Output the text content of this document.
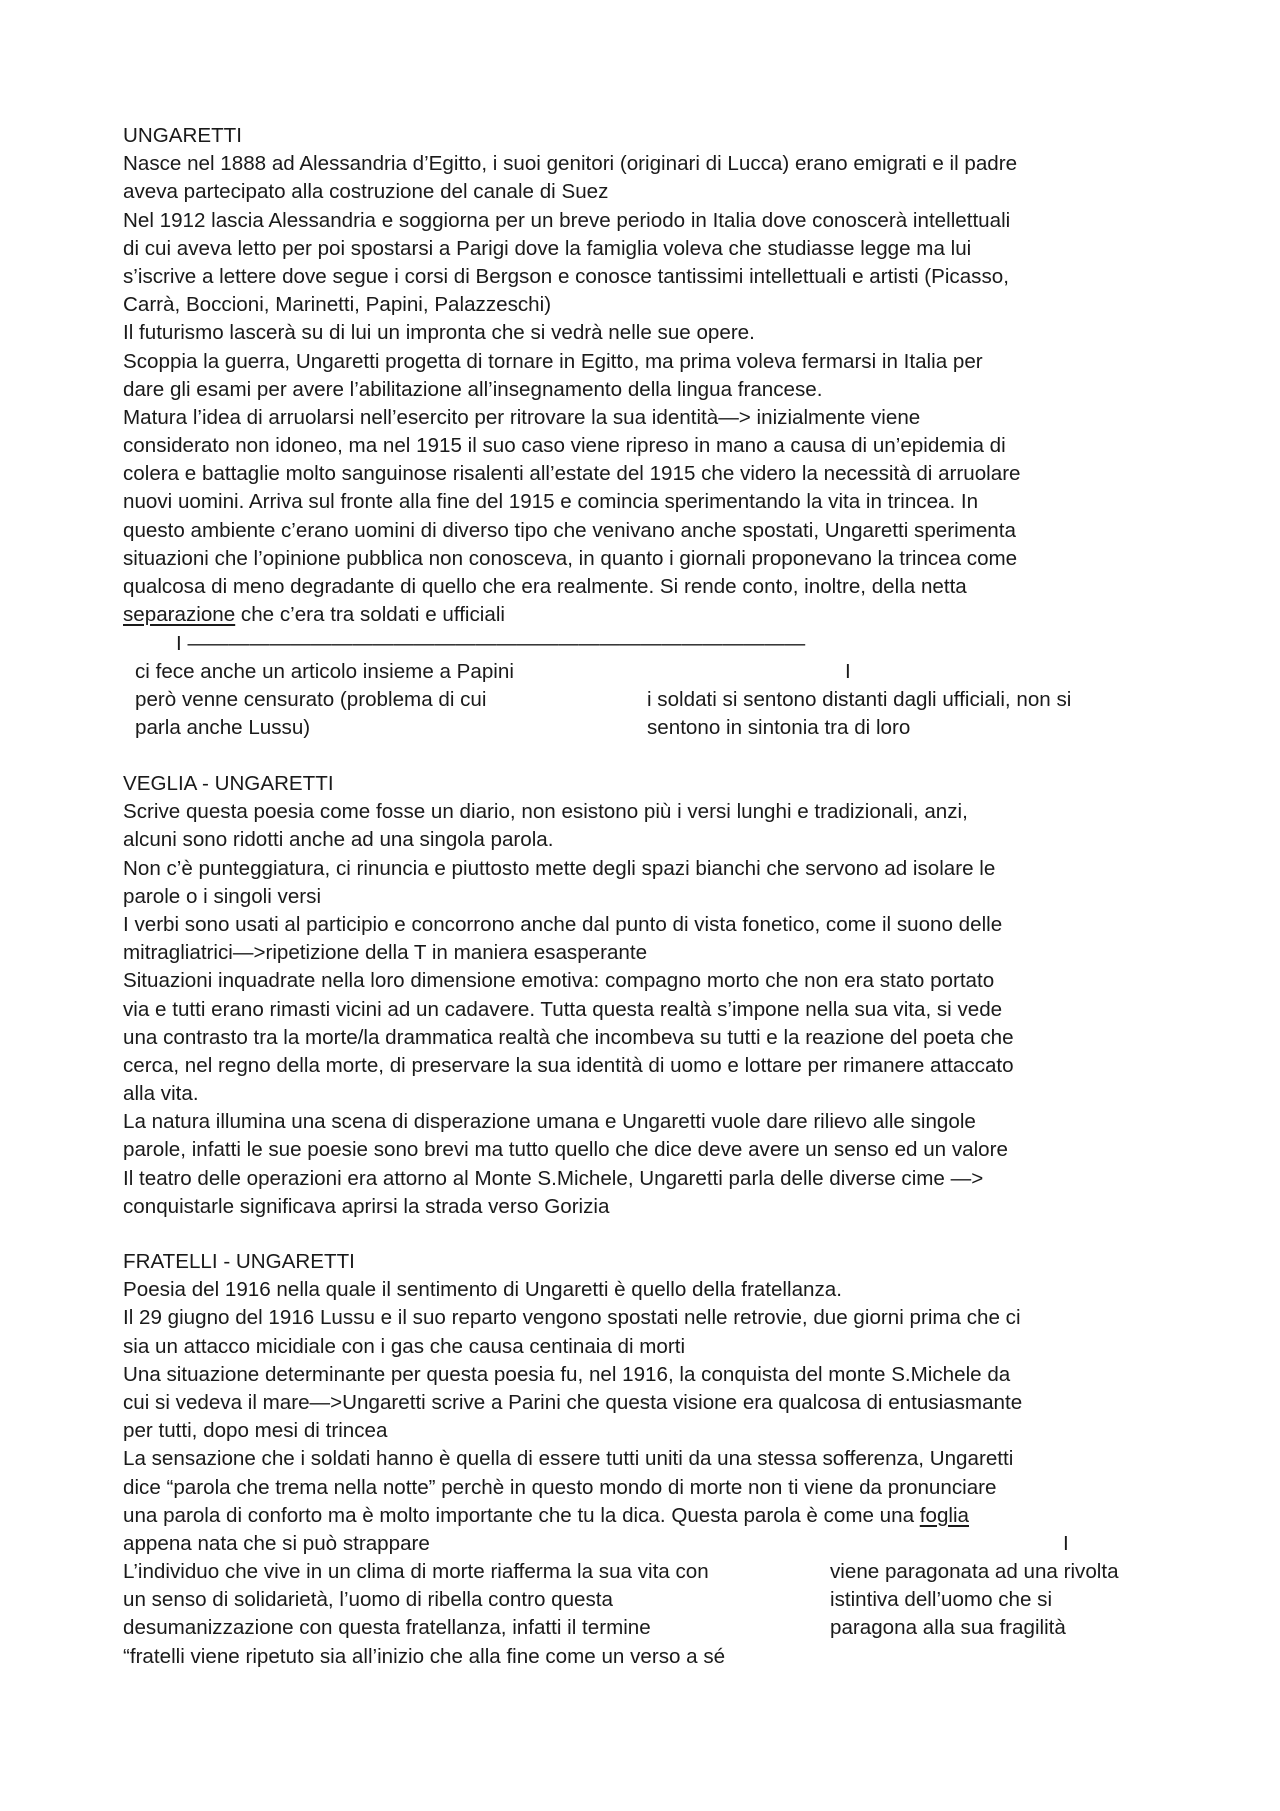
UNGARETTI
Nasce nel 1888 ad Alessandria d’Egitto, i suoi genitori (originari di Lucca) erano emigrati e il padre
aveva partecipato alla costruzione del canale di Suez
Nel 1912 lascia Alessandria e soggiorna per un breve periodo in Italia dove conoscerà intellettuali
di cui aveva letto per poi spostarsi a Parigi dove la famiglia voleva che studiasse legge ma lui
s’iscrive a lettere dove segue i corsi di Bergson e conosce tantissimi intellettuali e artisti (Picasso,
Carrà, Boccioni, Marinetti, Papini, Palazzeschi)
Il futurismo lascerà su di lui un impronta che si vedrà nelle sue opere.
Scoppia la guerra, Ungaretti progetta di tornare in Egitto, ma prima voleva fermarsi in Italia per
dare gli esami per avere l’abilitazione all’insegnamento della lingua francese.
Matura l’idea di arruolarsi nell’esercito per ritrovare la sua identità—> inizialmente viene
considerato non idoneo, ma nel 1915 il suo caso viene ripreso in mano a causa di un’epidemia di
colera e battaglie molto sanguinose risalenti all’estate del 1915 che videro la necessità di arruolare
nuovi uomini. Arriva sul fronte alla fine del 1915 e comincia sperimentando la vita in trincea. In
questo ambiente c’erano uomini di diverso tipo che venivano anche spostati, Ungaretti sperimenta
situazioni che l’opinione pubblica non conosceva, in quanto i giornali proponevano la trincea come
qualcosa di meno degradante di quello che era realmente. Si rende conto, inoltre, della netta
separazione che c’era tra soldati e ufficiali
I ——————————————————————————————
ci fece anche un articolo insieme a Papini
però venne censurato (problema di cui
parla anche Lussu)
I
i soldati si sentono distanti dagli ufficiali, non si
sentono in sintonia tra di loro
VEGLIA - UNGARETTI
Scrive questa poesia come fosse un diario, non esistono più i versi lunghi e tradizionali, anzi,
alcuni sono ridotti anche ad una singola parola.
Non c’è punteggiatura, ci rinuncia e piuttosto mette degli spazi bianchi che servono ad isolare le
parole o i singoli versi
I verbi sono usati al participio e concorrono anche dal punto di vista fonetico, come il suono delle
mitragliatrici—>ripetizione della T in maniera esasperante
Situazioni inquadrate nella loro dimensione emotiva: compagno morto che non era stato portato
via e tutti erano rimasti vicini ad un cadavere. Tutta questa realtà s’impone nella sua vita, si vede
una contrasto tra la morte/la drammatica realtà che incombeva su tutti e la reazione del poeta che
cerca, nel regno della morte, di preservare la sua identità di uomo e lottare per rimanere attaccato
alla vita.
La natura illumina una scena di disperazione umana e Ungaretti vuole dare rilievo alle singole
parole, infatti le sue poesie sono brevi ma tutto quello che dice deve avere un senso ed un valore
Il teatro delle operazioni era attorno al Monte S.Michele, Ungaretti parla delle diverse cime —>
conquistarle significava aprirsi la strada verso Gorizia
FRATELLI - UNGARETTI
Poesia del 1916 nella quale il sentimento di Ungaretti è quello della fratellanza.
Il 29 giugno del 1916 Lussu e il suo reparto vengono spostati nelle retrovie, due giorni prima che ci
sia un attacco micidiale con i gas che causa centinaia di morti
Una situazione determinante per questa poesia fu, nel 1916, la conquista del monte S.Michele da
cui si vedeva il mare—>Ungaretti scrive a Parini che questa visione era qualcosa di entusiasmante
per tutti, dopo mesi di trincea
La sensazione che i soldati hanno è quella di essere tutti uniti da una stessa sofferenza, Ungaretti
dice “parola che trema nella notte” perchè in questo mondo di morte non ti viene da pronunciare
una parola di conforto ma è molto importante che tu la dica. Questa parola è come una foglia
appena nata che si può strappare	I
L’individuo che vive in un clima di morte riafferma la sua vita con
un senso di solidarietà, l’uomo di ribella contro questa
desumanizzazione con questa fratellanza, infatti il termine
“fratelli viene ripetuto sia all’inizio che alla fine come un verso a sé
viene paragonata ad una rivolta
istintiva dell’uomo che si
paragona alla sua fragilità
